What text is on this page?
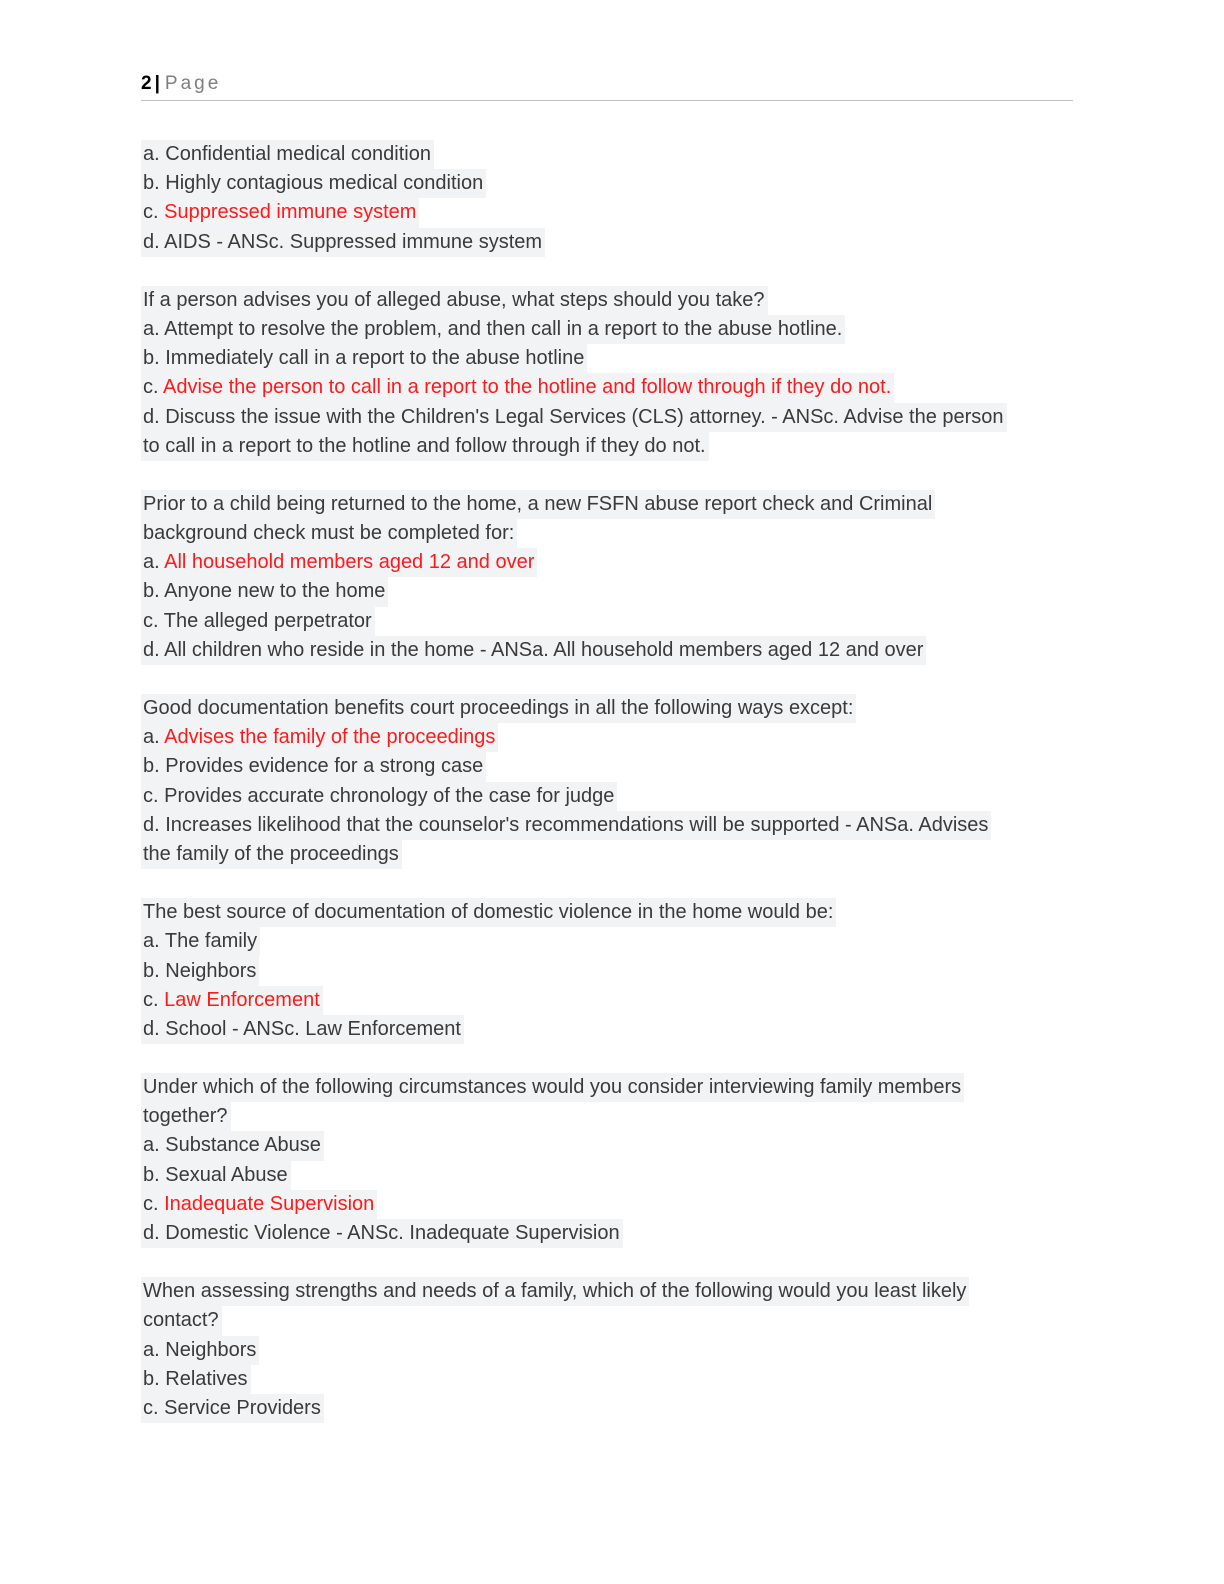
2 | Page
a. Confidential medical condition
b. Highly contagious medical condition
c. Suppressed immune system
d. AIDS - ANSc. Suppressed immune system
If a person advises you of alleged abuse, what steps should you take?
a. Attempt to resolve the problem, and then call in a report to the abuse hotline.
b. Immediately call in a report to the abuse hotline
c. Advise the person to call in a report to the hotline and follow through if they do not.
d. Discuss the issue with the Children's Legal Services (CLS) attorney. - ANSc. Advise the person
to call in a report to the hotline and follow through if they do not.
Prior to a child being returned to the home, a new FSFN abuse report check and Criminal
background check must be completed for:
a. All household members aged 12 and over
b. Anyone new to the home
c. The alleged perpetrator
d. All children who reside in the home - ANSa. All household members aged 12 and over
Good documentation benefits court proceedings in all the following ways except:
a. Advises the family of the proceedings
b. Provides evidence for a strong case
c. Provides accurate chronology of the case for judge
d. Increases likelihood that the counselor's recommendations will be supported - ANSa. Advises
the family of the proceedings
The best source of documentation of domestic violence in the home would be:
a. The family
b. Neighbors
c. Law Enforcement
d. School - ANSc. Law Enforcement
Under which of the following circumstances would you consider interviewing family members
together?
a. Substance Abuse
b. Sexual Abuse
c. Inadequate Supervision
d. Domestic Violence - ANSc. Inadequate Supervision
When assessing strengths and needs of a family, which of the following would you least likely
contact?
a. Neighbors
b. Relatives
c. Service Providers
